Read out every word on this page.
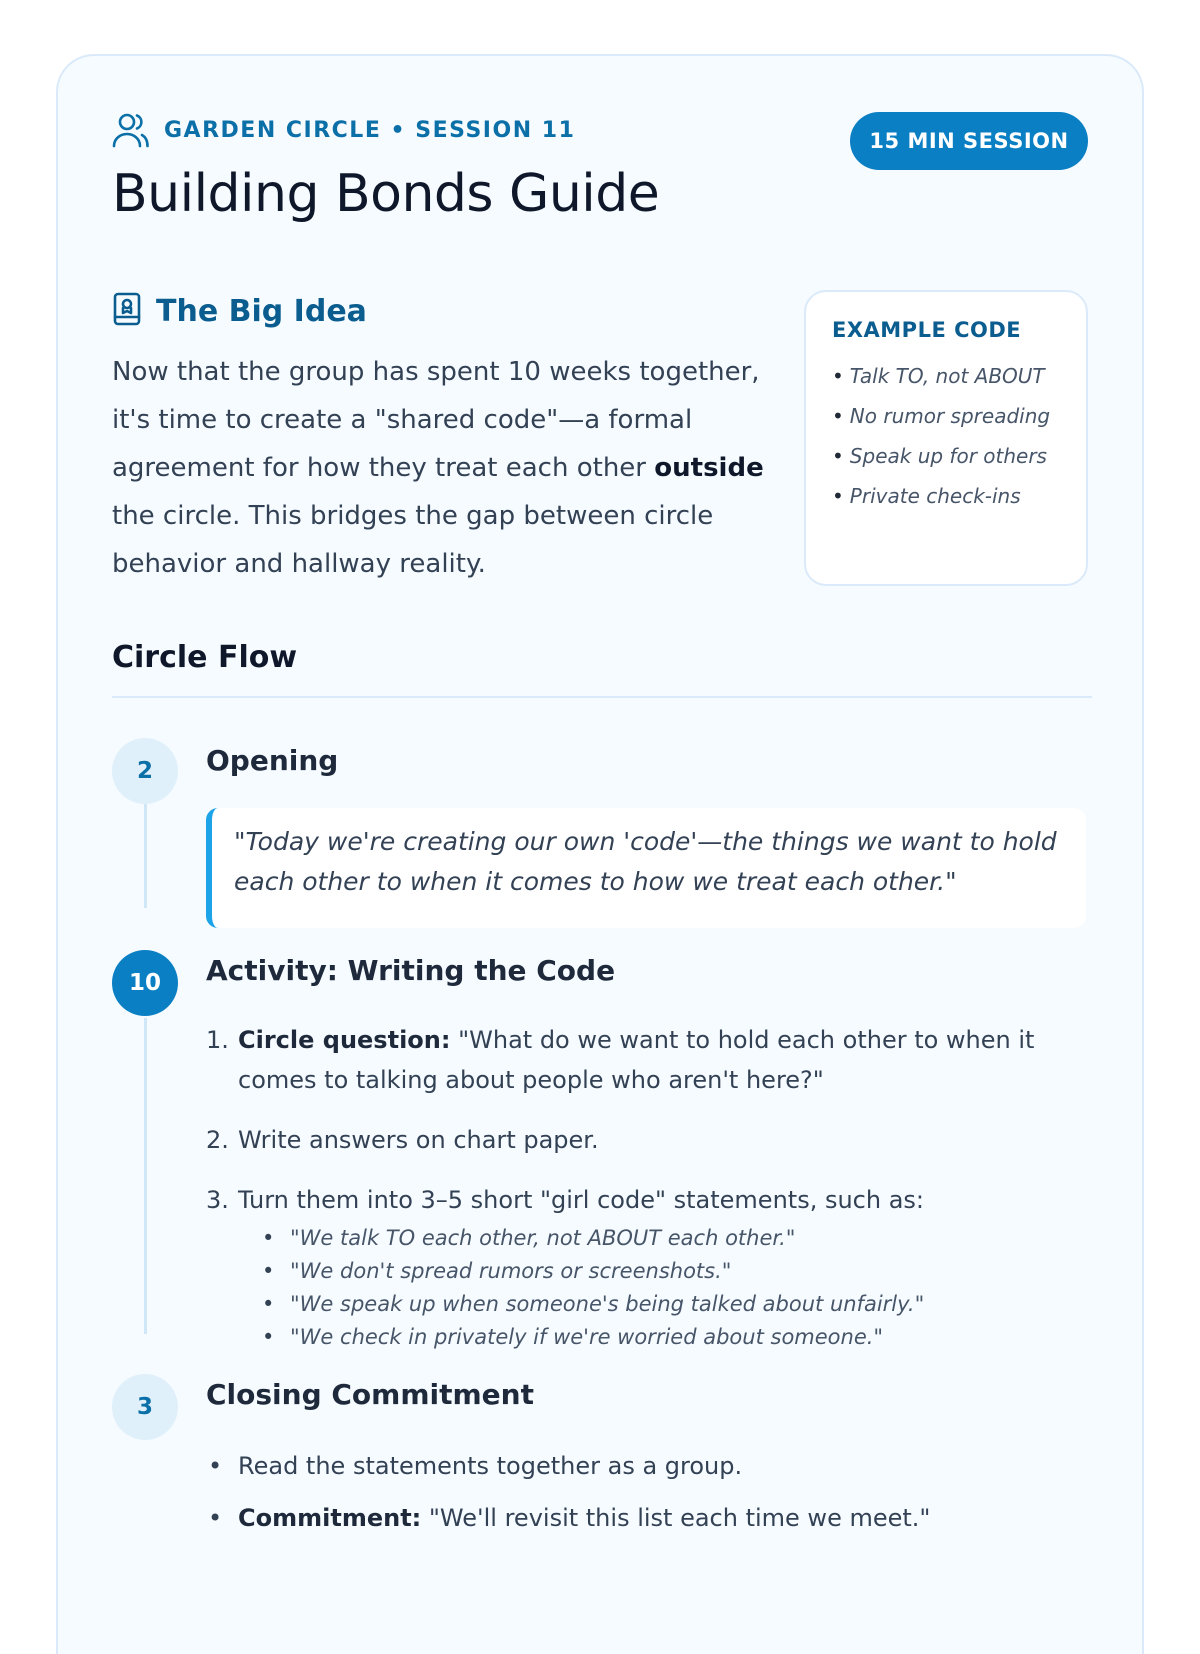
GARDEN CIRCLE • SESSION 11	15 MIN SESSION
Building Bonds Guide
The Big Idea

Now that the group has spent 10 weeks together, it's time to create a "shared code"—a formal agreement for how they treat each other outside the circle. This bridges the gap between circle behavior and hallway reality.

EXAMPLE CODE
• Talk TO, not ABOUT
• No rumor spreading
• Speak up for others
• Private check-ins
Circle Flow
2	Opening
"Today we're creating our own 'code'—the things we want to hold each other to when it comes to how we treat each other."
10	Activity: Writing the Code
1. Circle question: "What do we want to hold each other to when it comes to talking about people who aren't here?"
2. Write answers on chart paper.
3. Turn them into 3–5 short "girl code" statements, such as:
• "We talk TO each other, not ABOUT each other."
• "We don't spread rumors or screenshots."
• "We speak up when someone's being talked about unfairly."
• "We check in privately if we're worried about someone."
3	Closing Commitment
• Read the statements together as a group.
• Commitment: "We'll revisit this list each time we meet."
